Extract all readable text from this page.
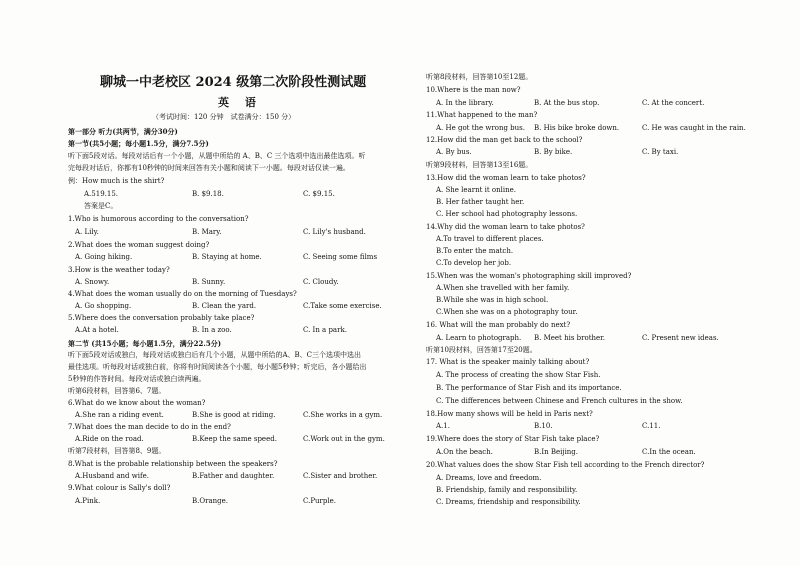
聊城一中老校区 2024 级第二次阶段性测试题
英 语
（考试时间：120 分钟　试卷满分：150 分）
第一部分 听力(共两节，满分30分)
第一节(共5小题；每小题1.5分，满分7.5分)
听下面5段对话。每段对话后有一个小题，从题中所给的 A、B、C 三个选项中选出最佳选项。听
完每段对话后，你都有10秒钟的时间来回答有关小题和阅读下一小题。每段对话仅读一遍。
例：How much is the shirt?
A.519.15.	B. $9.18.	C. $9.15.
答案是C。
1.Who is humorous according to the conversation?
A. Lily.	B. Mary.	C. Lily's husband.
2.What does the woman suggest doing?
A. Going hiking.	B. Staying at home.	C. Seeing some films
3.How is the weather today?
A. Snowy.	B. Sunny.	C. Cloudy.
4.What does the woman usually do on the morning of Tuesdays?
A. Go shopping.	B. Clean the yard.	C.Take some exercise.
5.Where does the conversation probably take place?
A.At a hotel.	B. In a zoo.	C. In a park.
第二节 (共15小题；每小题1.5分，满分22.5分)
听下面5段对话或独白，每段对话或独白后有几个小题，从题中所给的A、B、C三个选项中选出
最佳选项。听每段对话或独白前，你将有时间阅读各个小题，每小题5秒钟；听完后，各小题给出
5秒钟的作答时间。每段对话或独白读两遍。
听第6段材料，回答第6、7题。
6.What do we know about the woman?
A.She ran a riding event.	B.She is good at riding.	C.She works in a gym.
7.What does the man decide to do in the end?
A.Ride on the road.	B.Keep the same speed.	C.Work out in the gym.
听第7段材料，回答第8、9题。
8.What is the probable relationship between the speakers?
A.Husband and wife.	B.Father and daughter.	C.Sister and brother.
9.What colour is Sally's doll?
A.Pink.	B.Orange.	C.Purple.
听第8段材料，回答第10至12题。
10.Where is the man now?
A. In the library.	B. At the bus stop.	C. At the concert.
11.What happened to the man?
A. He got the wrong bus. B. His bike broke down.	C. He was caught in the rain.
12.How did the man get back to the school?
A. By bus.	B. By bike.	C. By taxi.
听第9段材料，回答第13至16题。
13.How did the woman learn to take photos?
A. She learnt it online.
B. Her father taught her.
C. Her school had photography lessons.
14.Why did the woman learn to take photos?
A.To travel to different places.
B.To enter the match.
C.To develop her job.
15.When was the woman's photographing skill improved?
A.When she travelled with her family.
B.While she was in high school.
C.When she was on a photography tour.
16. What will the man probably do next?
A. Learn to photograph. B. Meet his brother.	C. Present new ideas.
听第10段材料，回答第17至20题。
17. What is the speaker mainly talking about?
A. The process of creating the show Star Fish.
B. The performance of Star Fish and its importance.
C. The differences between Chinese and French cultures in the show.
18.How many shows will be held in Paris next?
A.1.	B.10.	C.11.
19.Where does the story of Star Fish take place?
A.On the beach.	B.In Beijing.	C.In the ocean.
20.What values does the show Star Fish tell according to the French director?
A. Dreams, love and freedom.
B. Friendship, family and responsibility.
C. Dreams, friendship and responsibility.
